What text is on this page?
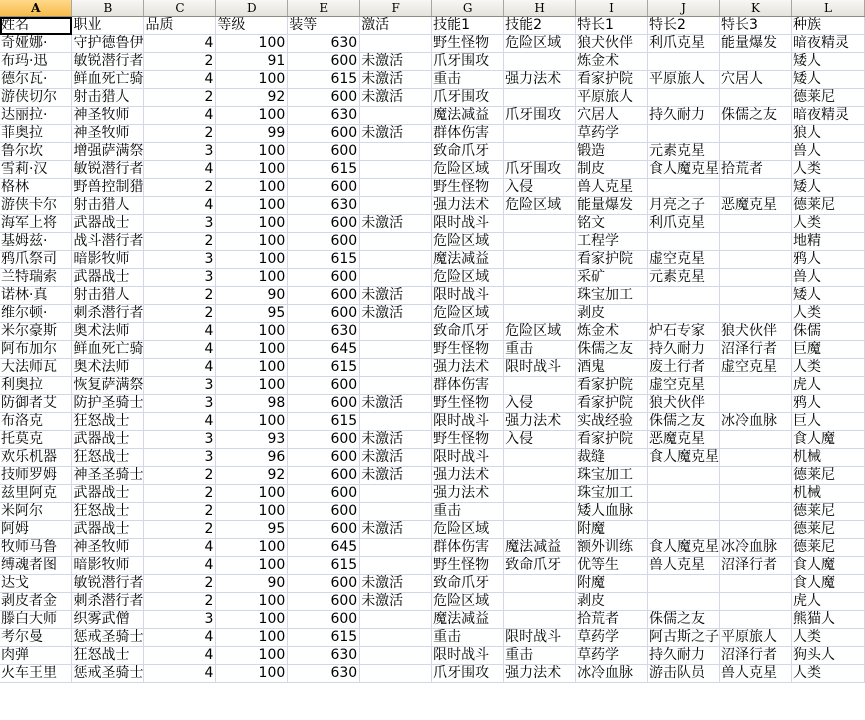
A	B	C	D	E	F	G	H	I	J	K	L
姓名	职业	品质	等级	装等	激活	技能1	技能2	特长1	特长2	特长3	种族
奇娅娜·	守护德鲁伊	4	100	630		野生怪物	危险区域	狼犬伙伴	利爪克星	能量爆发	暗夜精灵
布玛·迅	敏锐潜行者	2	91	600	未激活	爪牙围攻		炼金术			矮人
德尔瓦·	鲜血死亡骑	4	100	615	未激活	重击	强力法术	看家护院	平原旅人	穴居人	矮人
游侠切尔	射击猎人	2	92	600	未激活	爪牙围攻		平原旅人			德莱尼
达丽拉·	神圣牧师	4	100	630		魔法减益	爪牙围攻	穴居人	持久耐力	侏儒之友	暗夜精灵
菲奥拉	神圣牧师	2	99	600	未激活	群体伤害		草药学			狼人
鲁尔坎	增强萨满祭	3	100	600		致命爪牙		锻造	元素克星		兽人
雪莉·汉	敏锐潜行者	4	100	615		危险区域	爪牙围攻	制皮	食人魔克星	拾荒者	人类
格林	野兽控制猎	2	100	600		野生怪物	入侵	兽人克星			矮人
游侠卡尔	射击猎人	4	100	630		强力法术	危险区域	能量爆发	月亮之子	恶魔克星	德莱尼
海军上将	武器战士	3	100	600	未激活	限时战斗		铭文	利爪克星		人类
基姆兹·	战斗潜行者	2	100	600		危险区域		工程学			地精
鸦爪祭司	暗影牧师	3	100	615		魔法减益		看家护院	虚空克星		鸦人
兰特瑞索	武器战士	3	100	600		危险区域		采矿	元素克星		兽人
诺林·真	射击猎人	2	90	600	未激活	限时战斗		珠宝加工			矮人
维尔顿·	刺杀潜行者	2	95	600	未激活	危险区域		剥皮			人类
米尔豪斯	奥术法师	4	100	630		致命爪牙	危险区域	炼金术	炉石专家	狼犬伙伴	侏儒
阿布加尔	鲜血死亡骑	4	100	645		野生怪物	重击	侏儒之友	持久耐力	沼泽行者	巨魔
大法师瓦	奥术法师	4	100	615		强力法术	限时战斗	酒鬼	废土行者	虚空克星	人类
利奥拉	恢复萨满祭	3	100	600		群体伤害		看家护院	虚空克星		虎人
防御者艾	防护圣骑士	3	98	600	未激活	野生怪物	入侵	看家护院	狼犬伙伴		鸦人
布洛克	狂怒战士	4	100	615		限时战斗	强力法术	实战经验	侏儒之友	冰冷血脉	巨人
托莫克	武器战士	3	93	600	未激活	野生怪物	入侵	看家护院	恶魔克星		食人魔
欢乐机器	狂怒战士	3	96	600	未激活	限时战斗		裁缝	食人魔克星		机械
技师罗姆	神圣圣骑士	2	92	600	未激活	强力法术		珠宝加工			德莱尼
兹里阿克	武器战士	2	100	600		强力法术		珠宝加工			机械
米阿尔	狂怒战士	2	100	600		重击		矮人血脉			德莱尼
阿姆	武器战士	2	95	600	未激活	危险区域		附魔			德莱尼
牧师马鲁	神圣牧师	4	100	645		群体伤害	魔法减益	额外训练	食人魔克星	冰冷血脉	德莱尼
缚魂者图	暗影牧师	4	100	615		野生怪物	致命爪牙	优等生	兽人克星	沼泽行者	食人魔
达戈	敏锐潜行者	2	90	600	未激活	致命爪牙		附魔			食人魔
剥皮者金	刺杀潜行者	2	100	600	未激活	危险区域		剥皮			虎人
滕白大师	织雾武僧	3	100	600		魔法减益		拾荒者	侏儒之友		熊猫人
考尔曼	惩戒圣骑士	4	100	615		重击	限时战斗	草药学	阿古斯之子	平原旅人	人类
肉弹	狂怒战士	4	100	630		限时战斗	重击	草药学	持久耐力	沼泽行者	狗头人
火车王里	惩戒圣骑士	4	100	630		爪牙围攻	强力法术	冰冷血脉	游击队员	兽人克星	人类
